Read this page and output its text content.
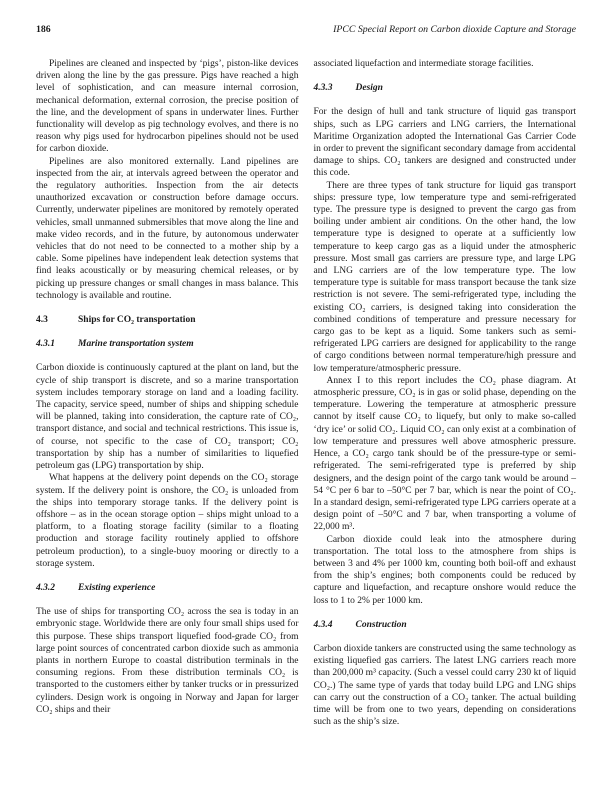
186	IPCC Special Report on Carbon dioxide Capture and Storage

Pipelines are cleaned and inspected by ‘pigs’, piston-like devices driven along the line by the gas pressure. Pigs have reached a high level of sophistication, and can measure internal corrosion, mechanical deformation, external corrosion, the precise position of the line, and the development of spans in underwater lines. Further functionality will develop as pig technology evolves, and there is no reason why pigs used for hydrocarbon pipelines should not be used for carbon dioxide.

Pipelines are also monitored externally. Land pipelines are inspected from the air, at intervals agreed between the operator and the regulatory authorities. Inspection from the air detects unauthorized excavation or construction before damage occurs. Currently, underwater pipelines are monitored by remotely operated vehicles, small unmanned submersibles that move along the line and make video records, and in the future, by autonomous underwater vehicles that do not need to be connected to a mother ship by a cable. Some pipelines have independent leak detection systems that find leaks acoustically or by measuring chemical releases, or by picking up pressure changes or small changes in mass balance. This technology is available and routine.

4.3	Ships for CO₂ transportation
4.3.1	Marine transportation system

Carbon dioxide is continuously captured at the plant on land, but the cycle of ship transport is discrete, and so a marine transportation system includes temporary storage on land and a loading facility. The capacity, service speed, number of ships and shipping schedule will be planned, taking into consideration, the capture rate of CO₂, transport distance, and social and technical restrictions. This issue is, of course, not specific to the case of CO₂ transport; CO₂ transportation by ship has a number of similarities to liquefied petroleum gas (LPG) transportation by ship.

What happens at the delivery point depends on the CO₂ storage system. If the delivery point is onshore, the CO₂ is unloaded from the ships into temporary storage tanks. If the delivery point is offshore – as in the ocean storage option – ships might unload to a platform, to a floating storage facility (similar to a floating production and storage facility routinely applied to offshore petroleum production), to a single-buoy mooring or directly to a storage system.

4.3.2	Existing experience

The use of ships for transporting CO₂ across the sea is today in an embryonic stage. Worldwide there are only four small ships used for this purpose. These ships transport liquefied food-grade CO₂ from large point sources of concentrated carbon dioxide such as ammonia plants in northern Europe to coastal distribution terminals in the consuming regions. From these distribution terminals CO₂ is transported to the customers either by tanker trucks or in pressurized cylinders. Design work is ongoing in Norway and Japan for larger CO₂ ships and their

associated liquefaction and intermediate storage facilities.

4.3.3	Design

For the design of hull and tank structure of liquid gas transport ships, such as LPG carriers and LNG carriers, the International Maritime Organization adopted the International Gas Carrier Code in order to prevent the significant secondary damage from accidental damage to ships. CO₂ tankers are designed and constructed under this code.

There are three types of tank structure for liquid gas transport ships: pressure type, low temperature type and semi-refrigerated type. The pressure type is designed to prevent the cargo gas from boiling under ambient air conditions. On the other hand, the low temperature type is designed to operate at a sufficiently low temperature to keep cargo gas as a liquid under the atmospheric pressure. Most small gas carriers are pressure type, and large LPG and LNG carriers are of the low temperature type. The low temperature type is suitable for mass transport because the tank size restriction is not severe. The semi-refrigerated type, including the existing CO₂ carriers, is designed taking into consideration the combined conditions of temperature and pressure necessary for cargo gas to be kept as a liquid. Some tankers such as semi-refrigerated LPG carriers are designed for applicability to the range of cargo conditions between normal temperature/high pressure and low temperature/atmospheric pressure.

Annex I to this report includes the CO₂ phase diagram. At atmospheric pressure, CO₂ is in gas or solid phase, depending on the temperature. Lowering the temperature at atmospheric pressure cannot by itself cause CO₂ to liquefy, but only to make so-called ‘dry ice’ or solid CO₂. Liquid CO₂ can only exist at a combination of low temperature and pressures well above atmospheric pressure. Hence, a CO₂ cargo tank should be of the pressure-type or semi-refrigerated. The semi-refrigerated type is preferred by ship designers, and the design point of the cargo tank would be around –54 °C per 6 bar to –50°C per 7 bar, which is near the point of CO₂. In a standard design, semi-refrigerated type LPG carriers operate at a design point of –50°C and 7 bar, when transporting a volume of 22,000 m³.

Carbon dioxide could leak into the atmosphere during transportation. The total loss to the atmosphere from ships is between 3 and 4% per 1000 km, counting both boil-off and exhaust from the ship’s engines; both components could be reduced by capture and liquefaction, and recapture onshore would reduce the loss to 1 to 2% per 1000 km.

4.3.4	Construction

Carbon dioxide tankers are constructed using the same technology as existing liquefied gas carriers. The latest LNG carriers reach more than 200,000 m³ capacity. (Such a vessel could carry 230 kt of liquid CO₂.) The same type of yards that today build LPG and LNG ships can carry out the construction of a CO₂ tanker. The actual building time will be from one to two years, depending on considerations such as the ship’s size.
